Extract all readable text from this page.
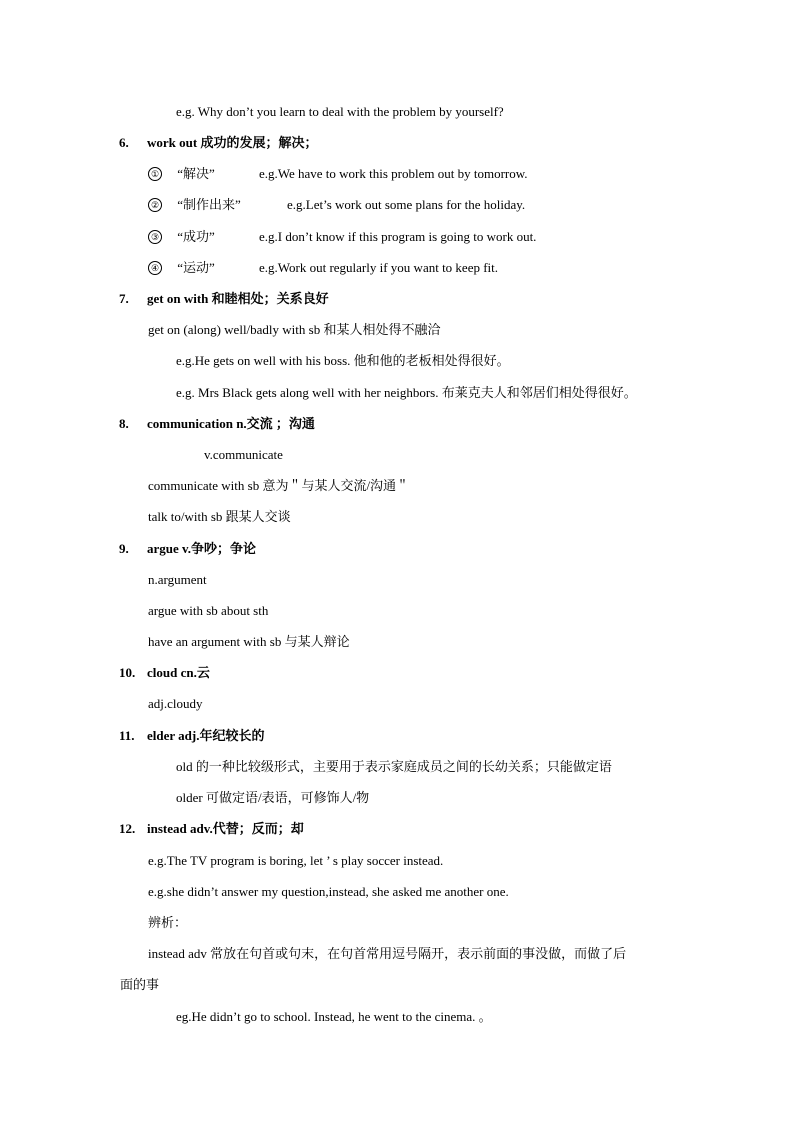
e.g. Why don’t you learn to deal with the problem by yourself?
6. work out 成功的发展；解决；
① “解决”	e.g.We have to work this problem out by tomorrow.
② “制作出来”	e.g.Let’s work out some plans for the holiday.
③ “成功”	e.g.I don’t know if this program is going to work out.
④ “运动”	e.g.Work out regularly if you want to keep fit.
7. get on with 和睦相处；关系良好
get on (along) well/badly with sb 和某人相处得不融洽
e.g.He gets on well with his boss. 他和他的老板相处得很好。
e.g. Mrs Black gets along well with her neighbors. 布莱克夫人和邻居们相处得很好。
8. communication n.交流 ；沟通
v.communicate
communicate with sb 意为＂与某人交流/沟通＂
talk to/with sb 跟某人交谈
9. argue v.争吵；争论
n.argument
argue with sb about sth
have an argument with sb 与某人辩论
10. cloud cn.云
adj.cloudy
11. elder adj.年纪较长的
old 的一种比较级形式，主要用于表示家庭成员之间的长幼关系；只能做定语
older 可做定语/表语，可修饰人/物
12. instead adv.代替；反而；却
e.g.The TV program is boring, let ’ s play soccer instead.
e.g.she didn’t answer my question,instead, she asked me another one.
辨析：
instead adv 常放在句首或句末，在句首常用逗号隔开，表示前面的事没做，而做了后
面的事
eg.He didn’t go to school. Instead, he went to the cinema. 。
